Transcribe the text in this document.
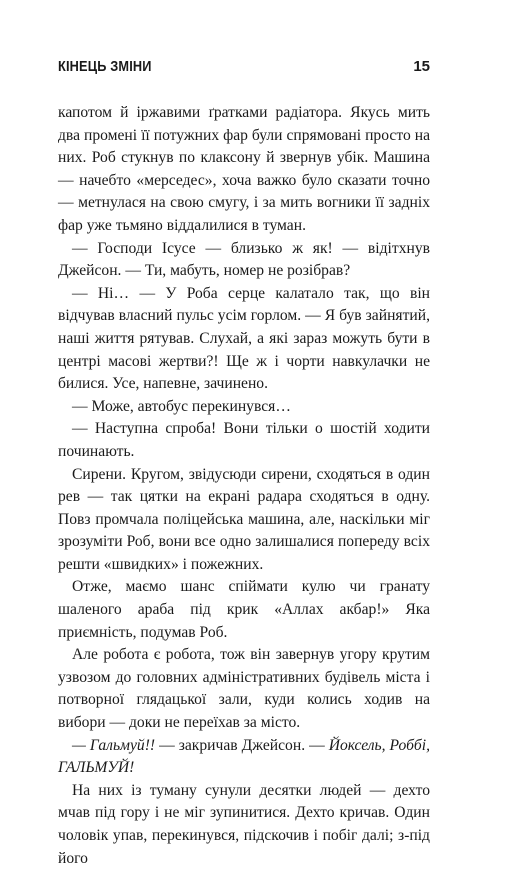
КІНЕЦЬ ЗМІНИ	15

капотом й іржавими ґратками радіатора. Якусь мить два промені її потужних фар були спрямовані просто на них. Роб стукнув по клаксону й звернув убік. Машина — начебто «мерседес», хоча важко було сказати точно — метнулася на свою смугу, і за мить вогники її задніх фар уже тьмяно віддалилися в туман.

— Господи Ісусе — близько ж як! — відітхнув Джейсон. — Ти, мабуть, номер не розібрав?

— Ні… — У Роба серце калатало так, що він відчував власний пульс усім горлом. — Я був зайнятий, наші життя рятував. Слухай, а які зараз можуть бути в центрі масові жертви?! Ще ж і чорти навкулачки не билися. Усе, напевне, зачинено.

— Може, автобус перекинувся…

— Наступна спроба! Вони тільки о шостій ходити починають.

Сирени. Кругом, звідусюди сирени, сходяться в один рев — так цятки на екрані радара сходяться в одну. Повз промчала поліцейська машина, але, наскільки міг зрозуміти Роб, вони все одно залишалися попереду всіх решти «швидких» і пожежних.

Отже, маємо шанс спіймати кулю чи гранату шаленого араба під крик «Аллах акбар!» Яка приємність, подумав Роб.

Але робота є робота, тож він завернув угору крутим узвозом до головних адміністративних будівель міста і потворної глядацької зали, куди колись ходив на вибори — доки не переїхав за місто.

— Гальмуй!! — закричав Джейсон. — Йоксель, Роббі, ГАЛЬМУЙ!

На них із туману сунули десятки людей — дехто мчав під гору і не міг зупинитися. Дехто кричав. Один чоловік упав, перекинувся, підскочив і побіг далі; з-під його
